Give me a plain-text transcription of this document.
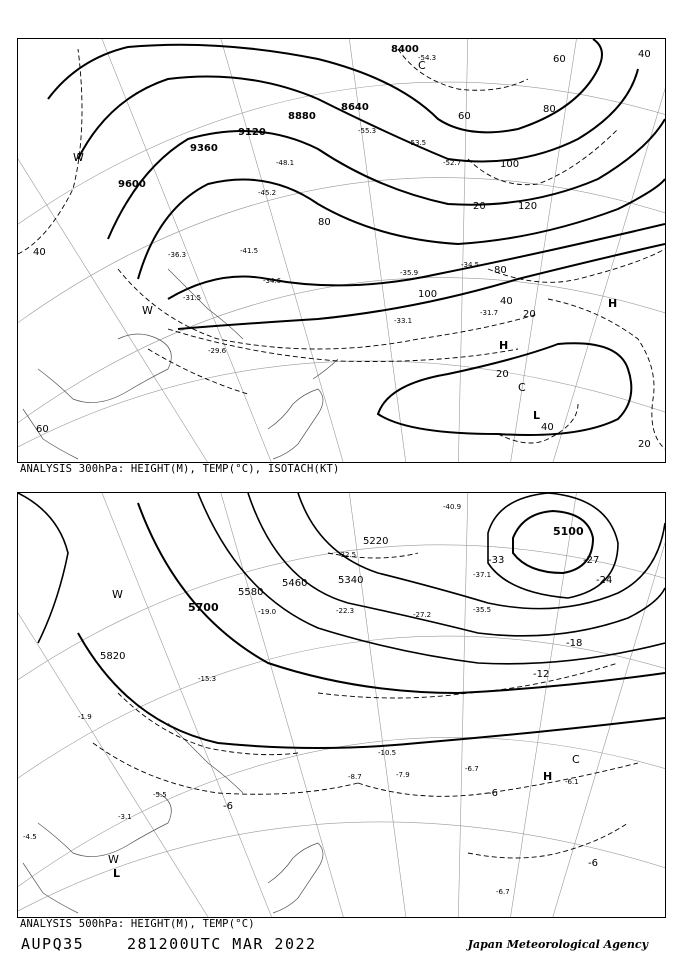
8400
8640
8880
9120
9360
9600
40
60
80
100
120
20
80
100
40
20
20
40
20
40
60
80
60
-31.5
-34.6
-36.3	-41.5
-45.2
-48.1	-52.7
-53.5
-55.3
-54.3
-35.9
-33.1
-29.6
-34.5
-31.7
H
H
L
C
W
W
C
ANALYSIS 300hPa: HEIGHT(M), TEMP(°C), ISOTACH(KT)
5100
5220
5340
5460
5580
5700
5820
-33	-27
-24
-18
-12
-6
-6
-6
-40.9
-37.1
-35.5
-32.5
-27.2
-22.3
-19.0
-15.3
-10.5
-8.7	-7.9
-6.7
-6.7
-6.1
-5.5
-4.5
-3.1
-1.9
H
C
L
W
W
ANALYSIS 500hPa: HEIGHT(M), TEMP(°C)
AUPQ35	281200UTC MAR 2022	Japan Meteorological Agency
